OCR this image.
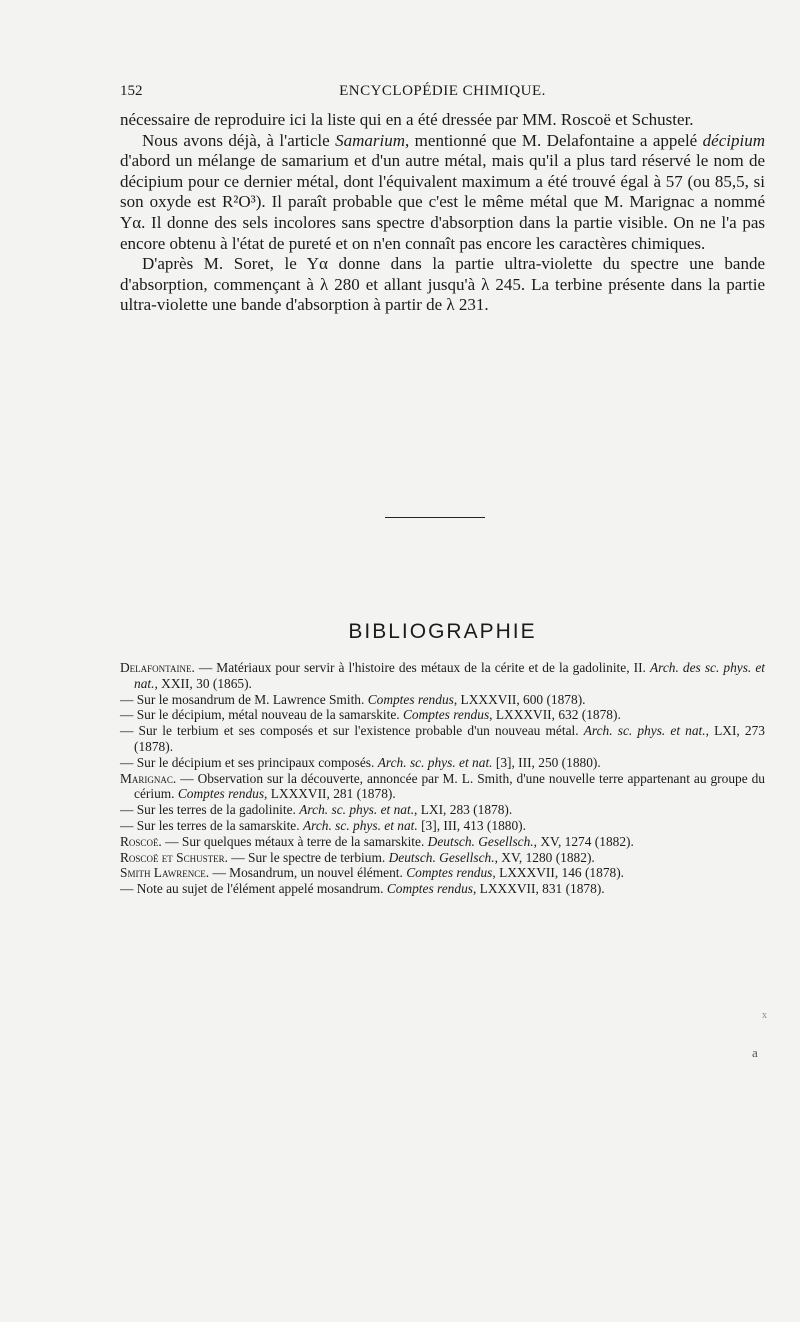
152	ENCYCLOPÉDIE CHIMIQUE.

nécessaire de reproduire ici la liste qui en a été dressée par MM. Roscoë et Schuster.

Nous avons déjà, à l'article Samarium, mentionné que M. Delafontaine a appelé décipium d'abord un mélange de samarium et d'un autre métal, mais qu'il a plus tard réservé le nom de décipium pour ce dernier métal, dont l'équivalent maximum a été trouvé égal à 57 (ou 85,5, si son oxyde est R²O³). Il paraît probable que c'est le même métal que M. Marignac a nommé Yα. Il donne des sels incolores sans spectre d'absorption dans la partie visible. On ne l'a pas encore obtenu à l'état de pureté et on n'en connaît pas encore les caractères chimiques.

D'après M. Soret, le Yα donne dans la partie ultra-violette du spectre une bande d'absorption, commençant à λ 280 et allant jusqu'à λ 245. La terbine présente dans la partie ultra-violette une bande d'absorption à partir de λ 231.

BIBLIOGRAPHIE

Delafontaine. — Matériaux pour servir à l'histoire des métaux de la cérite et de la gadolinite, II. Arch. des sc. phys. et nat., XXII, 30 (1865).

— Sur le mosandrum de M. Lawrence Smith. Comptes rendus, LXXXVII, 600 (1878).

— Sur le décipium, métal nouveau de la samarskite. Comptes rendus, LXXXVII, 632 (1878).

— Sur le terbium et ses composés et sur l'existence probable d'un nouveau métal. Arch. sc. phys. et nat., LXI, 273 (1878).

— Sur le décipium et ses principaux composés. Arch. sc. phys. et nat. [3], III, 250 (1880).

Marignac. — Observation sur la découverte, annoncée par M. L. Smith, d'une nouvelle terre appartenant au groupe du cérium. Comptes rendus, LXXXVII, 281 (1878).

— Sur les terres de la gadolinite. Arch. sc. phys. et nat., LXI, 283 (1878).

— Sur les terres de la samarskite. Arch. sc. phys. et nat. [3], III, 413 (1880).

Roscoë. — Sur quelques métaux à terre de la samarskite. Deutsch. Gesellsch., XV, 1274 (1882).

Roscoë et Schuster. — Sur le spectre de terbium. Deutsch. Gesellsch., XV, 1280 (1882).

Smith Lawrence. — Mosandrum, un nouvel élément. Comptes rendus, LXXXVII, 146 (1878).

— Note au sujet de l'élément appelé mosandrum. Comptes rendus, LXXXVII, 831 (1878).

a
x
